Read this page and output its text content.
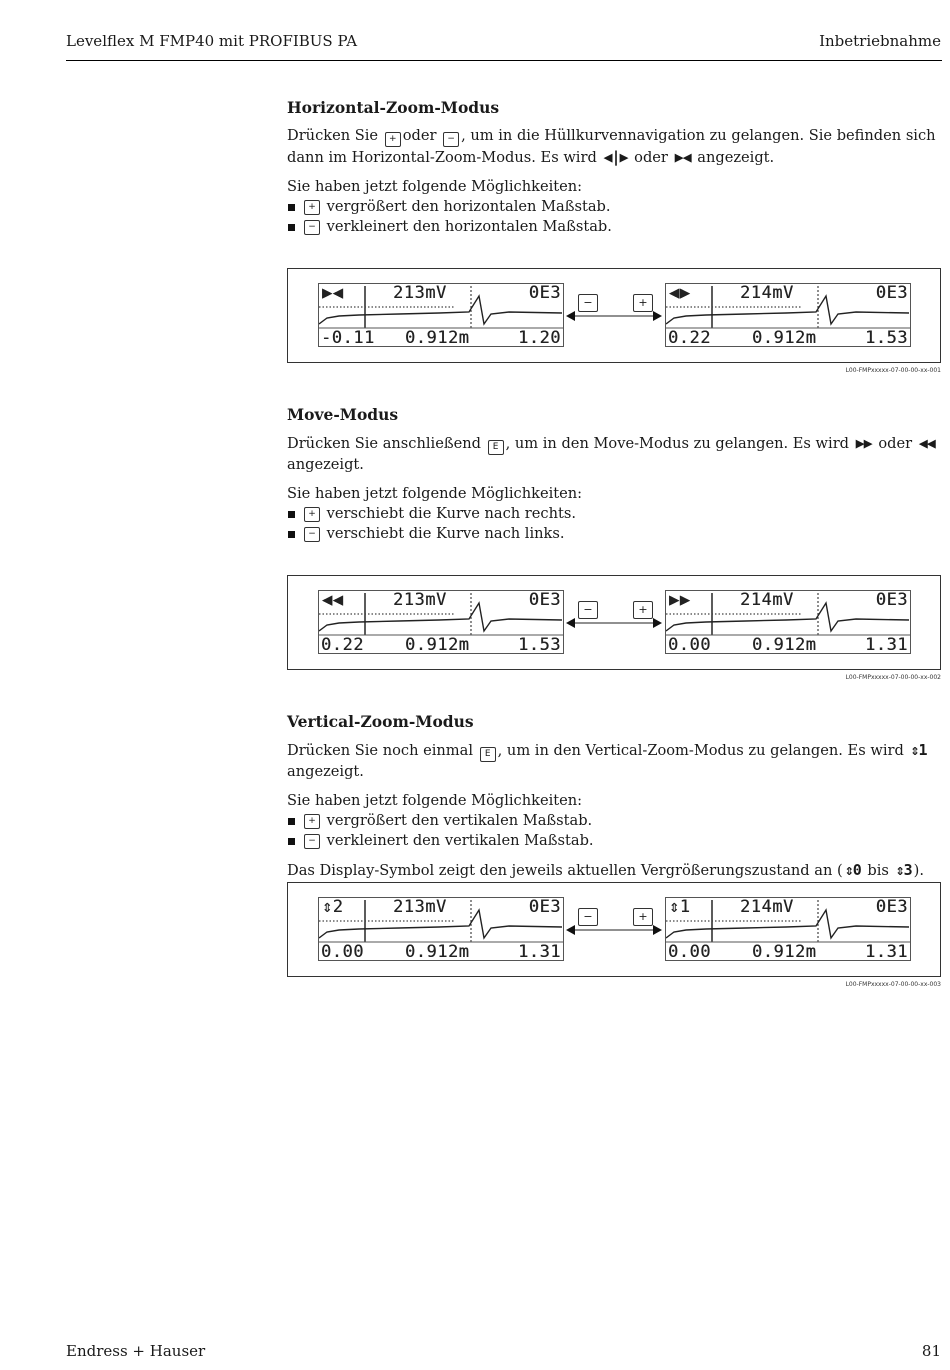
Levelflex M FMP40 mit PROFIBUS PA	Inbetriebnahme
Horizontal-Zoom-Modus

Drücken Sie + oder − , um in die Hüllkurvennavigation zu gelangen. Sie befinden sich dann im Horizontal-Zoom-Modus. Es wird ◀|▶ oder ▶◀ angezeigt.

Sie haben jetzt folgende Möglichkeiten:

+
vergrößert den horizontalen Maßstab.
−
verkleinert den horizontalen Maßstab.
▶◀	213mV	0E3
-0.11 0.912m	1.20
◀▶	214mV	0E3
0.22 0.912m	1.53
−	+
L00-FMPxxxxx-07-00-00-xx-001
Move-Modus

Drücken Sie anschließend E , um in den Move-Modus zu gelangen. Es wird ▶▶ oder ◀◀ angezeigt.

Sie haben jetzt folgende Möglichkeiten:

+
verschiebt die Kurve nach rechts.
−
verschiebt die Kurve nach links.
◀◀	213mV	0E3
0.22 0.912m	1.53
▶▶	214mV	0E3
0.00 0.912m	1.31
−	+
L00-FMPxxxxx-07-00-00-xx-002
Vertical-Zoom-Modus

Drücken Sie noch einmal E , um in den Vertical-Zoom-Modus zu gelangen. Es wird ⇕1 angezeigt.

Sie haben jetzt folgende Möglichkeiten:

+
vergrößert den vertikalen Maßstab.
−
verkleinert den vertikalen Maßstab.

Das Display-Symbol zeigt den jeweils aktuellen Vergrößerungszustand an ( ⇕0 bis ⇕3 ).

⇕2	213mV	0E3
0.00 0.912m	1.31
⇕1	214mV	0E3
0.00 0.912m	1.31
−	+
L00-FMPxxxxx-07-00-00-xx-003
Endress + Hauser	81
